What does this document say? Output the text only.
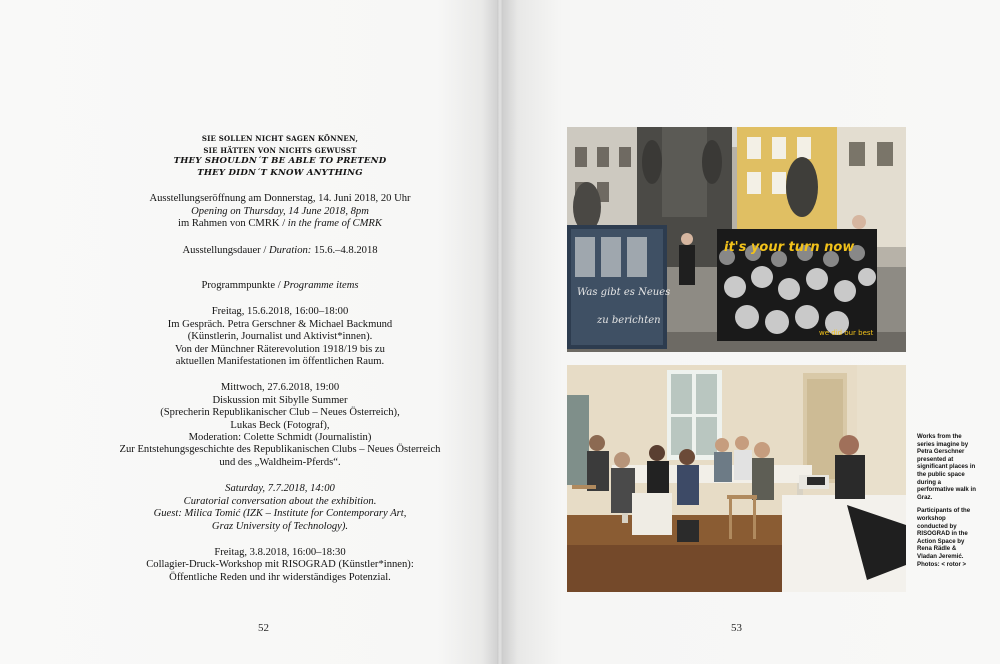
sie sollen nicht sagen können,
sie hätten von nichts gewusst
THEY SHOULDN´T BE ABLE TO PRETEND
THEY DIDN´T KNOW ANYTHING
Ausstellungseröffnung am Donnerstag, 14. Juni 2018, 20 Uhr
Opening on Thursday, 14 June 2018, 8pm
im Rahmen von CMRK / in the frame of CMRK
Ausstellungsdauer / Duration: 15.6.–4.8.2018
Programmpunkte / Programme items
Freitag, 15.6.2018, 16:00–18:00
Im Gespräch. Petra Gerschner & Michael Backmund
(Künstlerin, Journalist und Aktivist*innen).
Von der Münchner Räterevolution 1918/19 bis zu
aktuellen Manifestationen im öffentlichen Raum.
Mittwoch, 27.6.2018, 19:00
Diskussion mit Sibylle Summer
(Sprecherin Republikanischer Club – Neues Österreich),
Lukas Beck (Fotograf),
Moderation: Colette Schmidt (Journalistin)
Zur Entstehungsgeschichte des Republikanischen Clubs – Neues Österreich
und des „Waldheim-Pferds“.
Saturday, 7.7.2018, 14:00
Curatorial conversation about the exhibition.
Guest: Milica Tomić (IZK – Institute for Contemporary Art,
Graz University of Technology).
Freitag, 3.8.2018, 16:00–18:30
Collagier-Druck-Workshop mit RISOGRAD (Künstler*innen):
Öffentliche Reden und ihr widerständiges Potenzial.
52	53
it's your turn now
we did our best
Was gibt es Neues
zu berichten

Works from the series imagine by Petra Gerschner presented at significant places in the public space during a performative walk in Graz.

Participants of the workshop conducted by RISOGRAD in the Action Space by Rena Rädle & Vladan Jeremić. Photos: < rotor >
